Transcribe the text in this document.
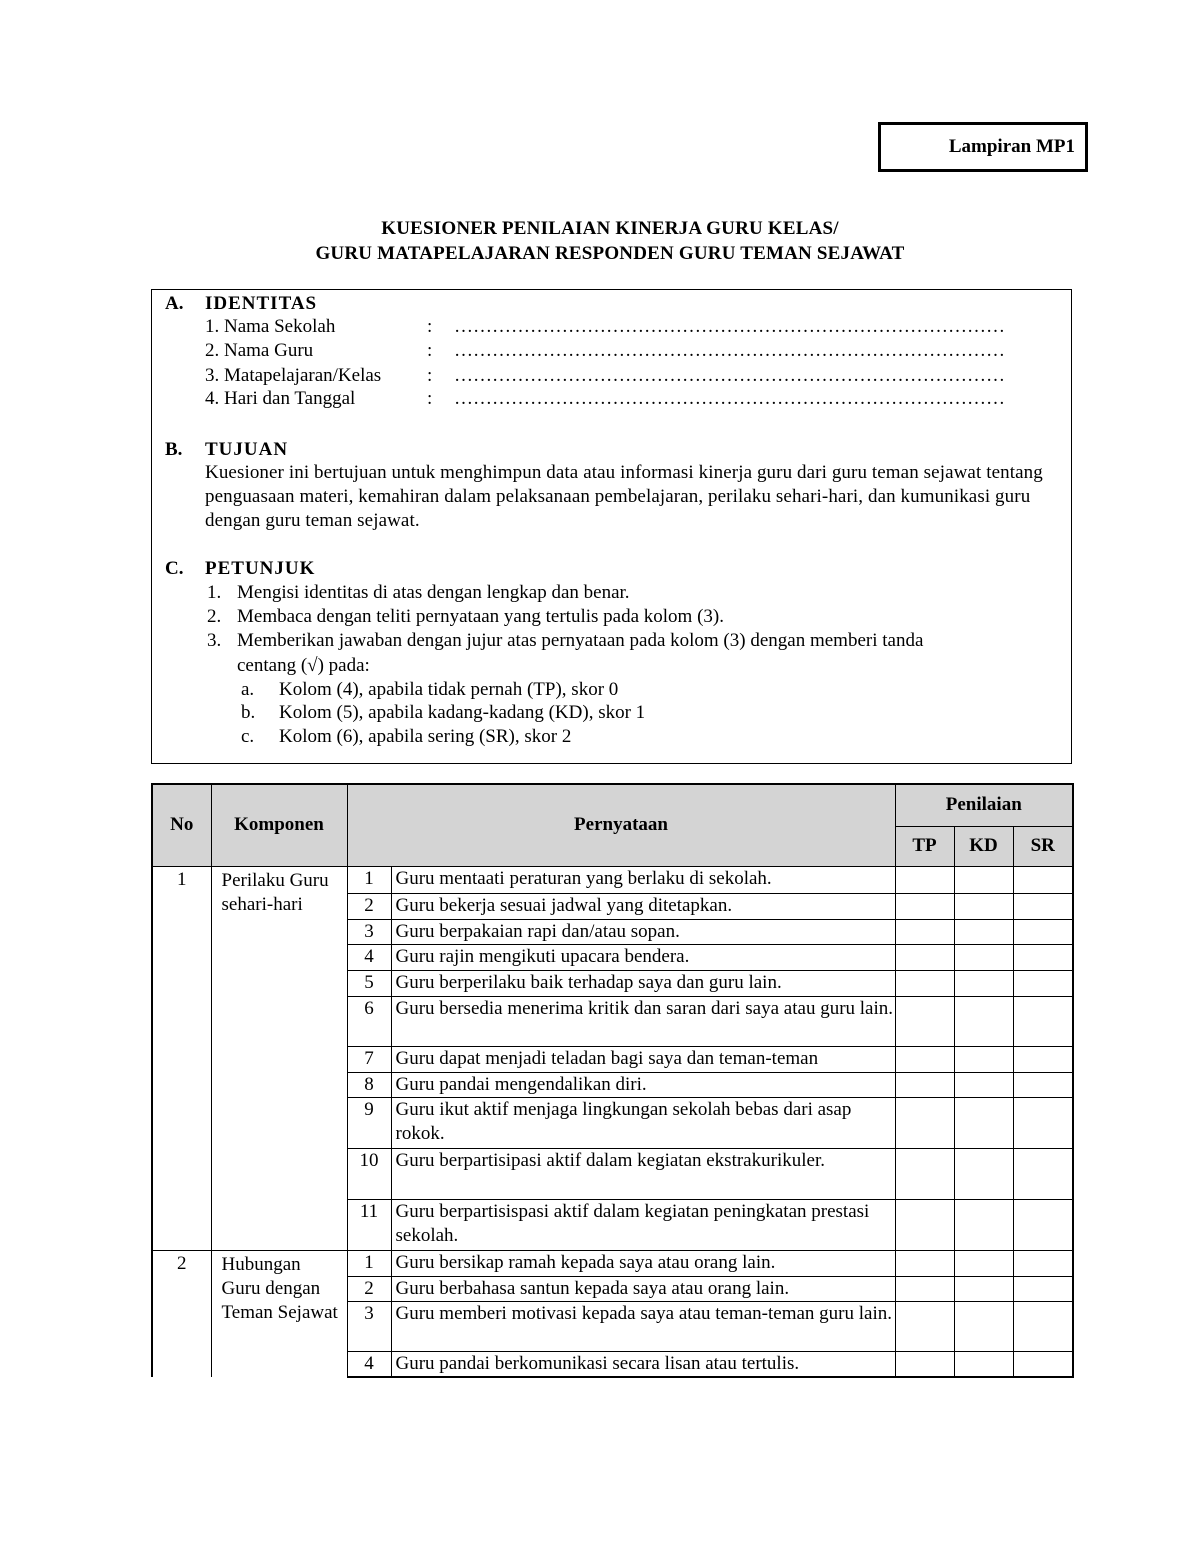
Lampiran MP1
KUESIONER PENILAIAN KINERJA GURU KELAS/
GURU MATAPELAJARAN RESPONDEN GURU TEMAN SEJAWAT
A. IDENTITAS
1. Nama Sekolah	: ……………………………………………………………………………
2. Nama Guru	: ……………………………………………………………………………
3. Matapelajaran/Kelas : ……………………………………………………………………………
4. Hari dan Tanggal	: ……………………………………………………………………………
B. TUJUAN
Kuesioner ini bertujuan untuk menghimpun data atau informasi kinerja guru dari guru teman sejawat tentang penguasaan materi, kemahiran dalam pelaksanaan pembelajaran, perilaku sehari-hari, dan kumunikasi guru dengan guru teman sejawat.
C. PETUNJUK
1. Mengisi identitas di atas dengan lengkap dan benar.
2. Membaca dengan teliti pernyataan yang tertulis pada kolom (3).
3. Memberikan jawaban dengan jujur atas pernyataan pada kolom (3) dengan memberi tanda
centang (√) pada:
a. Kolom (4), apabila tidak pernah (TP), skor 0
b. Kolom (5), apabila kadang-kadang (KD), skor 1
c. Kolom (6), apabila sering (SR), skor 2
No	Komponen	Pernyataan		Penilaian		
				TP	KD	SR
1	Perilaku Guru sehari-hari	1	Guru mentaati peraturan yang berlaku di sekolah.			
		2	Guru bekerja sesuai jadwal yang ditetapkan.			
		3	Guru berpakaian rapi dan/atau sopan.			
		4	Guru rajin mengikuti upacara bendera.			
		5	Guru berperilaku baik terhadap saya dan guru lain.			
		6	Guru bersedia menerima kritik dan saran dari saya atau guru lain.			
		7	Guru dapat menjadi teladan bagi saya dan teman-teman			
		8	Guru pandai mengendalikan diri.			
		9	Guru ikut aktif menjaga lingkungan sekolah bebas dari asap rokok.			
		10	Guru berpartisipasi aktif dalam kegiatan ekstrakurikuler.			
		11	Guru berpartisispasi aktif dalam kegiatan peningkatan prestasi sekolah.			
2	Hubungan Guru dengan Teman Sejawat	1	Guru bersikap ramah kepada saya atau orang lain.			
		2	Guru berbahasa santun kepada saya atau orang lain.			
		3	Guru memberi motivasi kepada saya atau teman-teman guru lain.			
		4	Guru pandai berkomunikasi secara lisan atau tertulis.			
